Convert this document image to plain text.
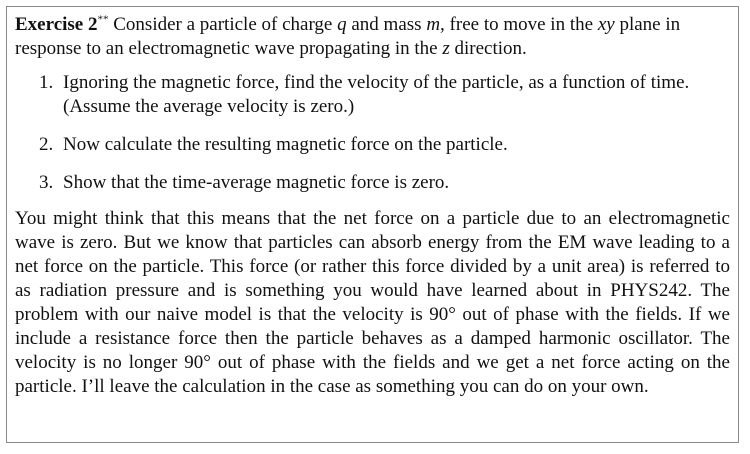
Exercise 2** Consider a particle of charge q and mass m, free to move in the xy plane in response to an electromagnetic wave propagating in the z direction.

1. Ignoring the magnetic force, find the velocity of the particle, as a function of time. (Assume the average velocity is zero.)
2. Now calculate the resulting magnetic force on the particle.
3. Show that the time-average magnetic force is zero.

You might think that this means that the net force on a particle due to an electromagnetic wave is zero. But we know that particles can absorb energy from the EM wave leading to a net force on the particle. This force (or rather this force divided by a unit area) is referred to as radiation pressure and is something you would have learned about in PHYS242. The problem with our naive model is that the velocity is 90° out of phase with the fields. If we include a resistance force then the particle behaves as a damped harmonic oscillator. The velocity is no longer 90° out of phase with the fields and we get a net force acting on the particle. I’ll leave the calculation in the case as something you can do on your own.
